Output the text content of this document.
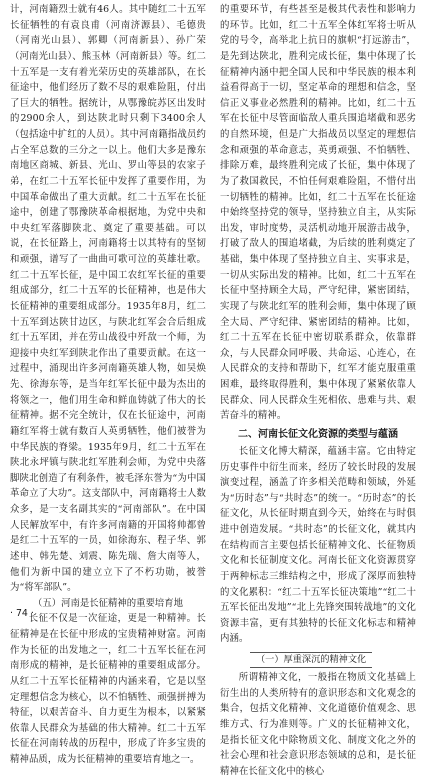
计，河南籍烈士就有46人。其中随红二十五军长征牺牲的有袁良甫（河南济源县）、毛德贵（河南光山县）、郭卿（河南新县）、孙广荣（河南光山县）、熊玉林（河南新县）等。红二十五军是一支有着光荣历史的英雄部队，在长征途中，他们经历了数不尽的艰难险阻，付出了巨大的牺牲。据统计，从鄂豫皖苏区出发时的2900余人，到达陕北时只剩下3400余人（包括途中扩红的人员）。其中河南籍指战员约占全军总数的三分之一以上。他们大多是豫东南地区商城、新县、光山、罗山等县的农家子弟，在红二十五军长征中发挥了重要作用，为中国革命做出了重大贡献。红二十五军在长征途中，创建了鄂豫陕革命根据地，为党中央和中央红军落脚陕北、奠定了重要基础。可以说，在长征路上，河南籍将士以其特有的坚韧和顽强，谱写了一曲曲可歌可泣的英雄壮歌。红二十五军长征，是中国工农红军长征的重要组成部分，红二十五军的长征精神，也是伟大长征精神的重要组成部分。1935年8月，红二十五军到达陕甘边区，与陕北红军会合后组成红十五军团，并在劳山战役中歼敌一个师，为迎接中央红军到陕北作出了重要贡献。在这一过程中，涌现出许多河南籍英雄人物，如吴焕先、徐海东等，是当年红军长征中最为杰出的将领之一，他们用生命和鲜血铸就了伟大的长征精神。据不完全统计，仅在长征途中，河南籍红军将士就有数百人英勇牺牲，他们被誉为中华民族的脊梁。1935年9月，红二十五军在陕北永坪镇与陕北红军胜利会师，为党中央落脚陕北创造了有利条件，被毛泽东誉为“为中国革命立了大功”。这支部队中，河南籍将士人数众多，是一支名副其实的“河南部队”。在中国人民解放军中，有许多河南籍的开国将帅都曾是红二十五军的一员，如徐海东、程子华、郭述申、韩先楚、刘震、陈先瑞、詹大南等人，他们为新中国的建立立下了不朽功勋，被誉为“将军部队”。

（五）河南是长征精神的重要培育地

长征不仅是一次征途，更是一种精神。长征精神是在长征中形成的宝贵精神财富。河南作为长征的出发地之一，红二十五军长征在河南形成的精神，是长征精神的重要组成部分。从红二十五军长征精神的内涵来看，它是以坚定理想信念为核心，以不怕牺牲、顽强拼搏为特征，以艰苦奋斗、自力更生为根本，以紧紧依靠人民群众为基础的伟大精神。红二十五军长征在河南转战的历程中，形成了许多宝贵的精神品质，成为长征精神的重要培育地之一。

的重要环节，有些甚至是极其代表性和影响力的环节。比如，红二十五军全体红军将士听从党的号令，高举北上抗日的旗帜“打远游击”，是先到达陕北，胜利完成长征，集中体现了长征精神内涵中把全国人民和中华民族的根本利益看得高于一切，坚定革命的理想和信念，坚信正义事业必然胜利的精神。比如，红二十五军在长征中尽管面临敌人重兵围追堵截和恶劣的自然环境，但是广大指战员以坚定的理想信念和顽强的革命意志，英勇顽强、不怕牺牲、排除万难，最终胜利完成了长征，集中体现了为了救国救民，不怕任何艰难险阻，不惜付出一切牺牲的精神。比如，红二十五军在长征途中始终坚持党的领导，坚持独立自主，从实际出发，审时度势，灵活机动地开展游击战争，打破了敌人的围追堵截，为后续的胜利奠定了基础，集中体现了坚持独立自主、实事求是，一切从实际出发的精神。比如，红二十五军在长征中坚持顾全大局，严守纪律，紧密团结，实现了与陕北红军的胜利会师，集中体现了顾全大局、严守纪律、紧密团结的精神。比如，红二十五军在长征中密切联系群众，依靠群众，与人民群众同呼吸、共命运、心连心，在人民群众的支持和帮助下，红军才能克服重重困难，最终取得胜利，集中体现了紧紧依靠人民群众、同人民群众生死相依、患难与共、艰苦奋斗的精神。

二、河南长征文化资源的类型与蕴涵

长征文化博大精深，蕴涵丰富。它由特定历史事件中衍生而来，经历了较长时段的发展演变过程，涵盖了许多相关范畴和领域，外延为“历时态”与“共时态”的统一。“历时态”的长征文化，从长征时期直到今天，始终在与时俱进中创造发展。“共时态”的长征文化，就其内在结构而言主要包括长征精神文化、长征物质文化和长征制度文化。河南长征文化资源贯穿于两种标志三维结构之中，形成了深厚而独特的文化累积：“红二十五军长征决策地”“红二十五军长征出发地”“北上先锋突围转战地”的文化资源丰富，更有其独特的长征文化标志和精神内涵。

（一）厚重深沉的精神文化

所谓精神文化，一般指在物质文化基础上衍生出的人类所特有的意识形态和文化观念的集合，包括文化精神、文化道德价值观念、思维方式、行为准则等。广义的长征精神文化，是指长征文化中除物质文化、制度文化之外的社会心理和社会意识形态领域的总和，是长征精神在长征文化中的核心

· 74 ·
